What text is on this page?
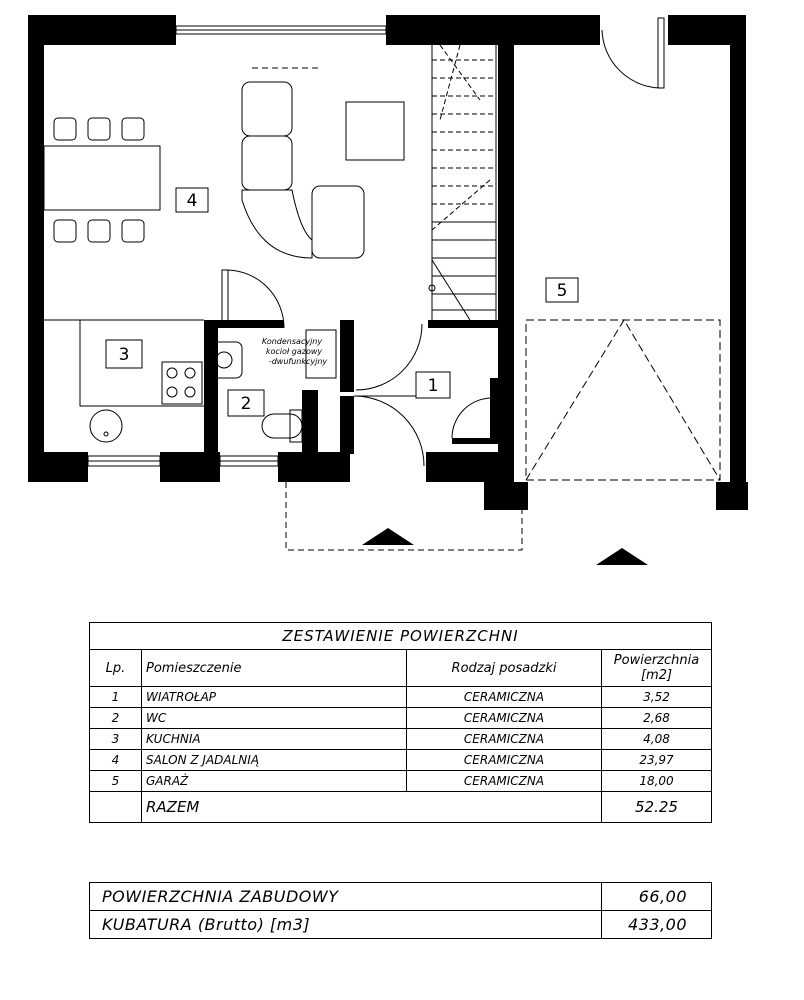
4
5
3
1
2
Kondensacyjny
kocioł gazowy
-dwufunkcyjny
ZESTAWIENIE POWIERZCHNI			
Lp.	Pomieszczenie	Rodzaj posadzki	Powierzchnia
[m2]

1	WIATROŁAP	CERAMICZNA	3,52
2	WC	CERAMICZNA	2,68
3	KUCHNIA	CERAMICZNA	4,08
4	SALON Z JADALNIĄ	CERAMICZNA	23,97
5	GARAŻ	CERAMICZNA	18,00
	RAZEM		52.25
POWIERZCHNIA ZABUDOWY	66,00
KUBATURA (Brutto) [m3]	433,00
